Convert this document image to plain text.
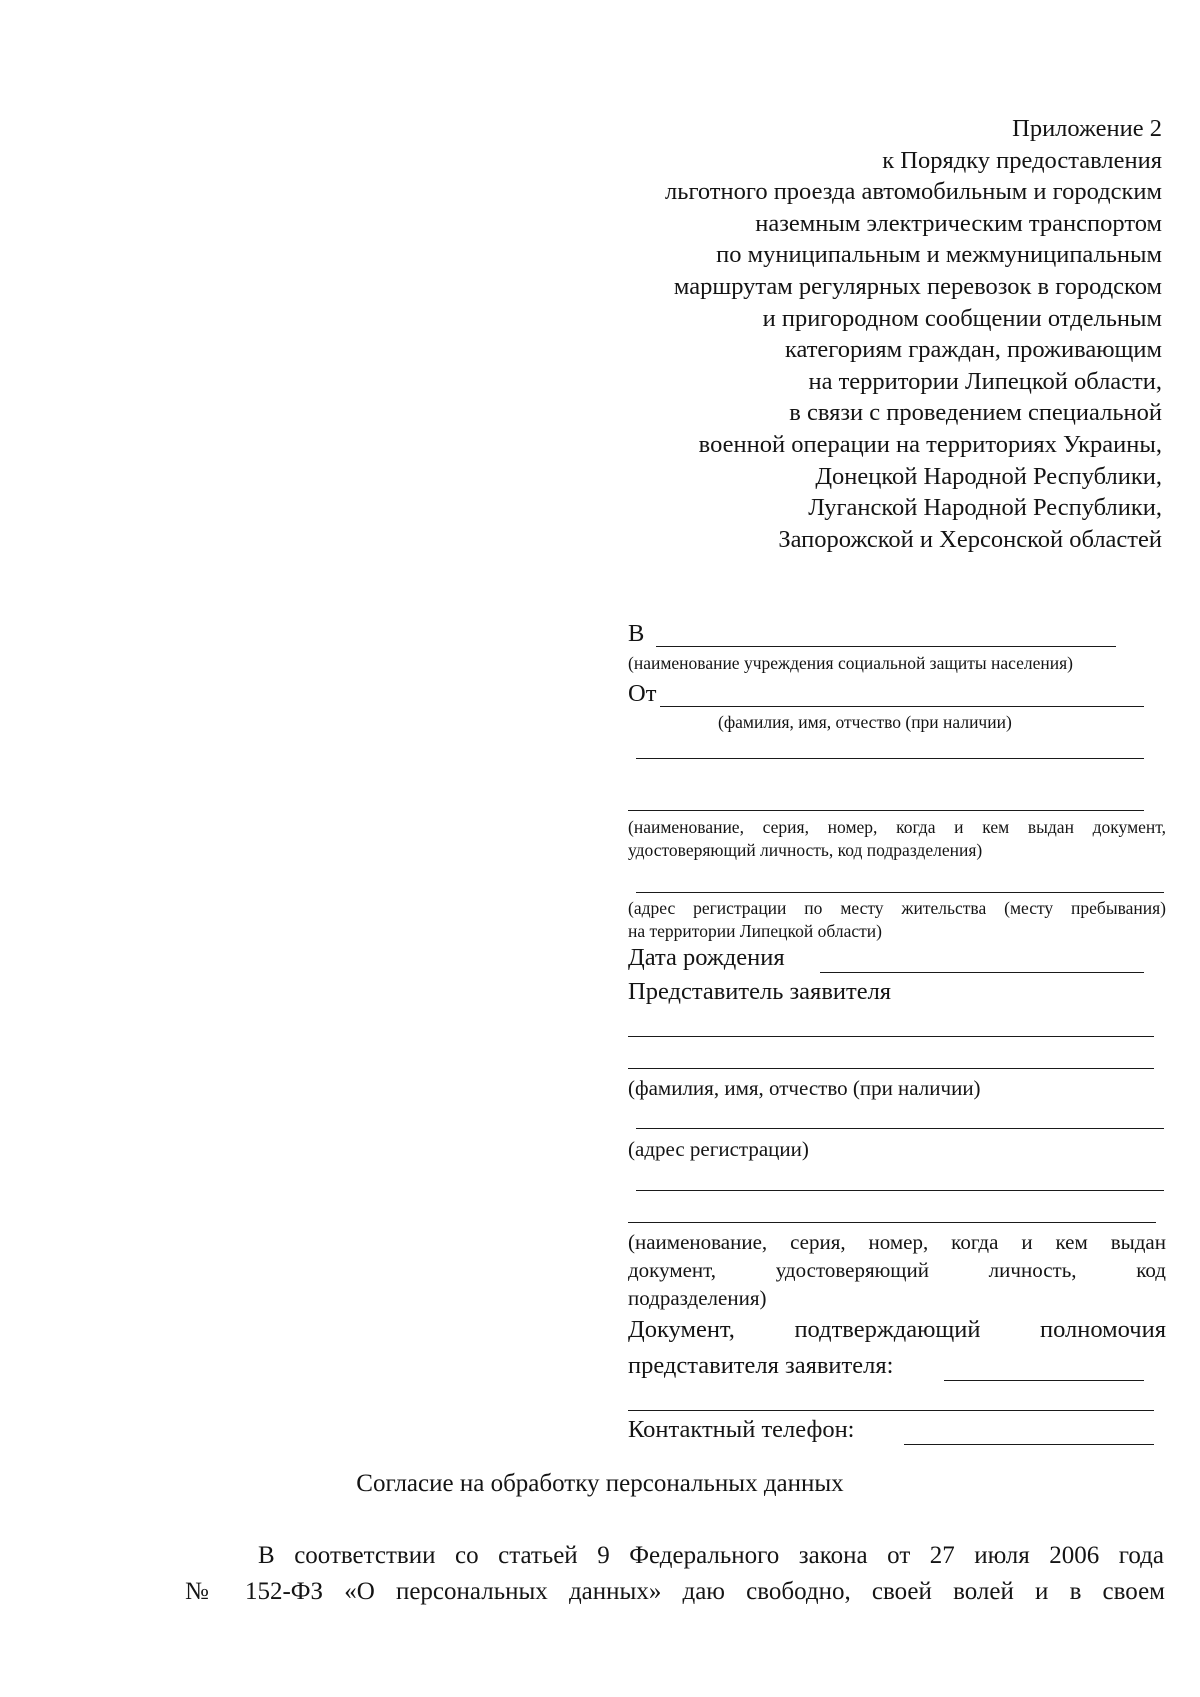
Приложение 2
к Порядку предоставления
льготного проезда автомобильным и городским
наземным электрическим транспортом
по муниципальным и межмуниципальным
маршрутам регулярных перевозок в городском
и пригородном сообщении отдельным
категориям граждан, проживающим
на территории Липецкой области,
в связи с проведением специальной
военной операции на территориях Украины,
Донецкой Народной Республики,
Луганской Народной Республики,
Запорожской и Херсонской областей
В
(наименование учреждения социальной защиты населения)
От
(фамилия, имя, отчество (при наличии)
(наименование, серия, номер, когда и кем выдан документ,
удостоверяющий личность, код подразделения)
(адрес регистрации по месту жительства (месту пребывания)
на территории Липецкой области)
Дата рождения
Представитель заявителя
(фамилия, имя, отчество (при наличии)
(адрес регистрации)
(наименование, серия, номер, когда и кем выдан
документ, удостоверяющий личность, код
подразделения)
Документ, подтверждающий полномочия
представителя заявителя:
Контактный телефон:
Согласие на обработку персональных данных
В соответствии со статьей 9 Федерального закона от 27 июля 2006 года
№ 152-ФЗ «О персональных данных» даю свободно, своей волей и в своем
